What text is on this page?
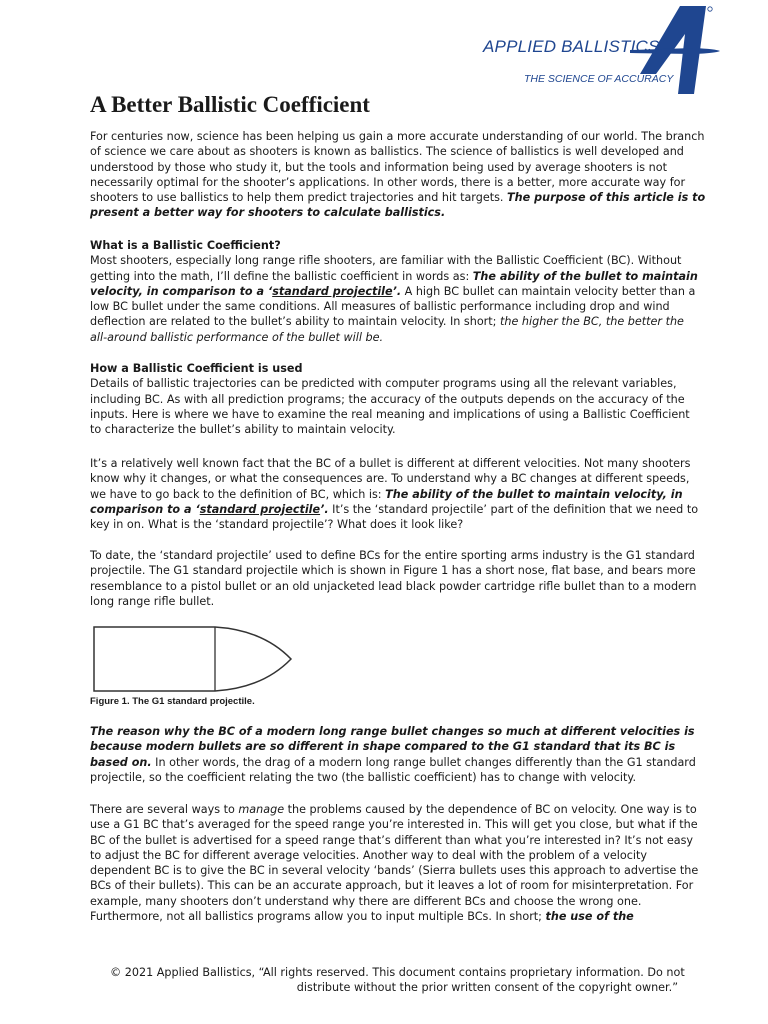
APPLIED BALLISTICS
THE SCIENCE OF ACCURACY
A Better Ballistic Coefficient
For centuries now, science has been helping us gain a more accurate understanding of our world. The branch
of science we care about as shooters is known as ballistics. The science of ballistics is well developed and
understood by those who study it, but the tools and information being used by average shooters is not
necessarily optimal for the shooter’s applications. In other words, there is a better, more accurate way for
shooters to use ballistics to help them predict trajectories and hit targets. The purpose of this article is to
present a better way for shooters to calculate ballistics.
What is a Ballistic Coefficient?
Most shooters, especially long range rifle shooters, are familiar with the Ballistic Coefficient (BC). Without
getting into the math, I’ll define the ballistic coefficient in words as: The ability of the bullet to maintain
velocity, in comparison to a ‘standard projectile’. A high BC bullet can maintain velocity better than a
low BC bullet under the same conditions. All measures of ballistic performance including drop and wind
deflection are related to the bullet’s ability to maintain velocity. In short; the higher the BC, the better the
all-around ballistic performance of the bullet will be.
How a Ballistic Coefficient is used
Details of ballistic trajectories can be predicted with computer programs using all the relevant variables,
including BC. As with all prediction programs; the accuracy of the outputs depends on the accuracy of the
inputs. Here is where we have to examine the real meaning and implications of using a Ballistic Coefficient
to characterize the bullet’s ability to maintain velocity.
It’s a relatively well known fact that the BC of a bullet is different at different velocities. Not many shooters
know why it changes, or what the consequences are. To understand why a BC changes at different speeds,
we have to go back to the definition of BC, which is: The ability of the bullet to maintain velocity, in
comparison to a ‘standard projectile’. It’s the ‘standard projectile’ part of the definition that we need to
key in on. What is the ‘standard projectile’? What does it look like?
To date, the ‘standard projectile’ used to define BCs for the entire sporting arms industry is the G1 standard
projectile. The G1 standard projectile which is shown in Figure 1 has a short nose, flat base, and bears more
resemblance to a pistol bullet or an old unjacketed lead black powder cartridge rifle bullet than to a modern
long range rifle bullet.
Figure 1. The G1 standard projectile.
The reason why the BC of a modern long range bullet changes so much at different velocities is
because modern bullets are so different in shape compared to the G1 standard that its BC is
based on. In other words, the drag of a modern long range bullet changes differently than the G1 standard
projectile, so the coefficient relating the two (the ballistic coefficient) has to change with velocity.
There are several ways to manage the problems caused by the dependence of BC on velocity. One way is to
use a G1 BC that’s averaged for the speed range you’re interested in. This will get you close, but what if the
BC of the bullet is advertised for a speed range that’s different than what you’re interested in? It’s not easy
to adjust the BC for different average velocities. Another way to deal with the problem of a velocity
dependent BC is to give the BC in several velocity ‘bands’ (Sierra bullets uses this approach to advertise the
BCs of their bullets). This can be an accurate approach, but it leaves a lot of room for misinterpretation. For
example, many shooters don’t understand why there are different BCs and choose the wrong one.
Furthermore, not all ballistics programs allow you to input multiple BCs. In short; the use of the
© 2021 Applied Ballistics, “All rights reserved. This document contains proprietary information. Do not
distribute without the prior written consent of the copyright owner.”
